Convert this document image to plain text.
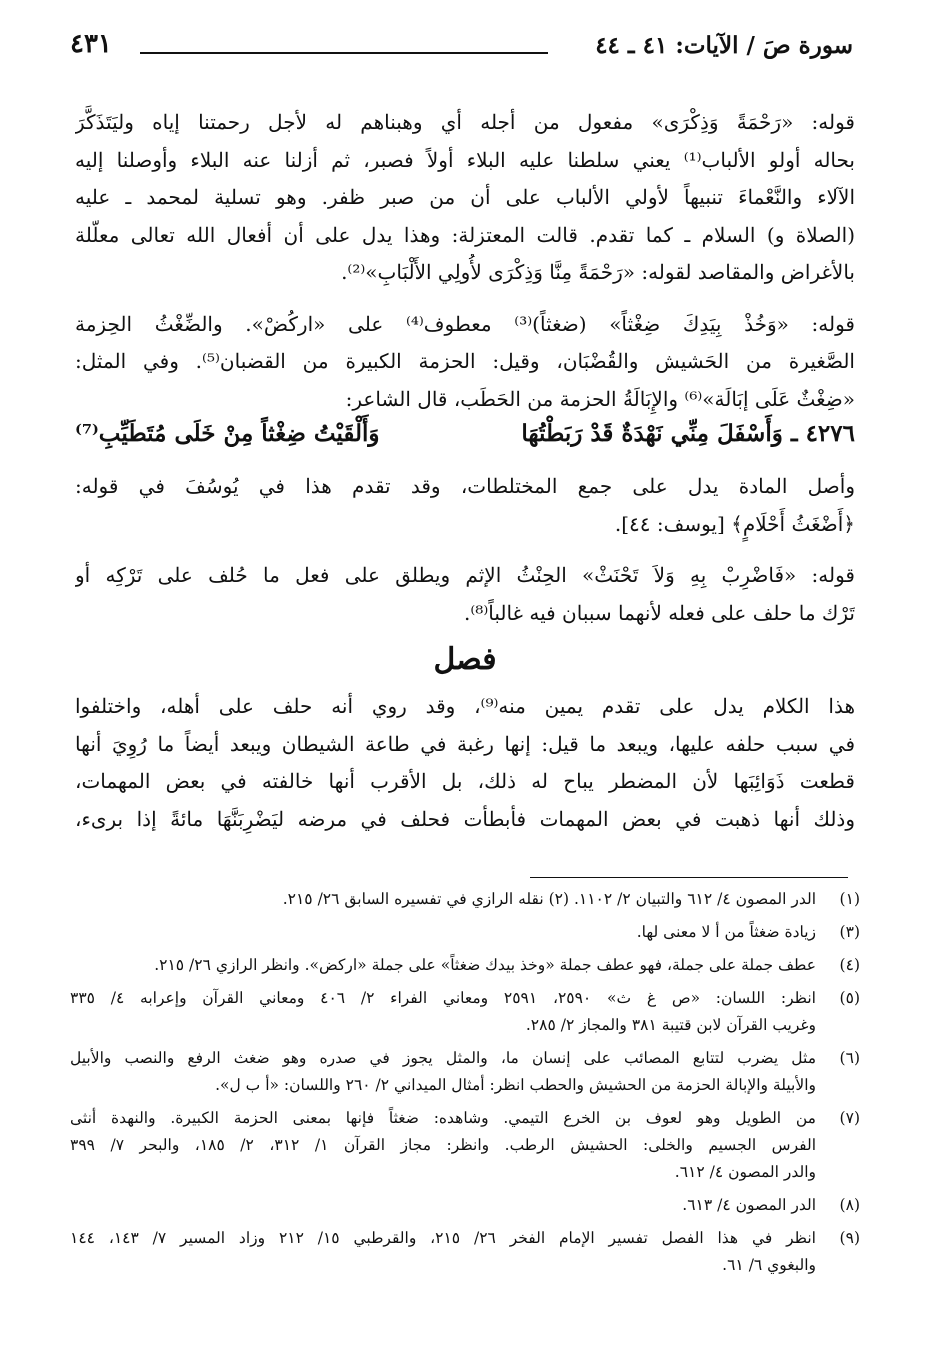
سورة صَ / الآيات: ٤١ ـ ٤٤
٤٣١
قوله: «رَحْمَةً وَذِكْرَى» مفعول من أجله أي وهبناهم له لأجل رحمتنا إياه وليَتَذَكَّرَ
بحاله أولو الألباب⁽¹⁾ يعني سلطنا عليه البلاء أولاً فصبر، ثم أزلنا عنه البلاء وأوصلنا إليه
الآلاء والنَّعْماءَ تنبيهاً لأولي الألباب على أن من صبر ظفر. وهو تسلية لمحمد ـ عليه
(الصلاة و) السلام ـ كما تقدم. قالت المعتزلة: وهذا يدل على أن أفعال الله تعالى معلّلة
بالأغراض والمقاصد لقوله: «رَحْمَةً مِنَّا وَذِكْرَى لأُولِي الأَلْبَابِ»⁽²⁾.
قوله: «وَخُذْ بِيَدِكَ ضِغْثاً» (ضغثاً)⁽³⁾ معطوف⁽⁴⁾ على «اركُضْ». والضِّغْثُ الحِزمة
الصَّغيرة من الحَشيش والقُضْبَان، وقيل: الحزمة الكبيرة من القضبان⁽⁵⁾. وفي المثل:
«ضِغْثٌ عَلَى إبَالَة»⁽⁶⁾ والإِبَالَةُ الحزمة من الحَطَب، قال الشاعر:
٤٢٧٦ ـ وَأَسْفَلَ مِنِّي نَهْدَةٌ قَدْ رَبَطْتُهَا
وَأَلْقَيْتُ ضِغْثاً مِنْ خَلَى مُتَطَيِّبِ⁽⁷⁾
وأصل المادة يدل على جمع المختلطات، وقد تقدم هذا في يُوسُفَ في قوله:
﴿أَضْغَثُ أَحْلَامٍ﴾ [يوسف: ٤٤].
قوله: «فَاضْرِبْ بِهِ وَلاَ تَحْنَثْ» الحِنْثُ الإثم ويطلق على فعل ما حُلف على تَرْكِه أو
تَرْك ما حلف على فعله لأنهما سببان فيه غالباً⁽⁸⁾.
فصل
هذا الكلام يدل على تقدم يمين منه⁽⁹⁾، وقد روي أنه حلف على أهله، واختلفوا
في سبب حلفه عليها، ويبعد ما قيل: إنها رغبة في طاعة الشيطان ويبعد أيضاً ما رُوِيَ أنها
قطعت ذَوَائِبَها لأن المضطر يباح له ذلك، بل الأقرب أنها خالفته في بعض المهمات،
وذلك أنها ذهبت في بعض المهمات فأبطأت فحلف في مرضه ليَضْرِبَنَّهَا مائةً إذا برىء،
(١)
الدر المصون ٤/ ٦١٢ والتبيان ٢/ ١١٠٢. (٢) نقله الرازي في تفسيره السابق ٢٦/ ٢١٥.
(٣)
زيادة ضغثاً من أ لا معنى لها.
(٤)
عطف جملة على جملة، فهو عطف جملة «وخذ بيدك ضغثاً» على جملة «اركض». وانظر الرازي ٢٦/ ٢١٥.
(٥)
انظر: اللسان: «ص غ ث» ٢٥٩٠، ٢٥٩١ ومعاني الفراء ٢/ ٤٠٦ ومعاني القرآن وإعرابه ٤/ ٣٣٥
وغريب القرآن لابن قتيبة ٣٨١ والمجاز ٢/ ٢٨٥.
(٦)
مثل يضرب لتتابع المصائب على إنسان ما، والمثل يجوز في صدره وهو ضغث الرفع والنصب والأبيل
والأبيلة والإبالة الحزمة من الحشيش والحطب انظر: أمثال الميداني ٢/ ٢٦٠ واللسان: «أ ب ل».
(٧)
من الطويل وهو لعوف بن الخرع التيمي. وشاهده: ضغثاً فإنها بمعنى الحزمة الكبيرة. والنهدة أنثى
الفرس الجسيم والخلى: الحشيش الرطب. وانظر: مجاز القرآن ١/ ٣١٢، ٢/ ١٨٥، والبحر ٧/ ٣٩٩
والدر المصون ٤/ ٦١٢.
(٨)
الدر المصون ٤/ ٦١٣.
(٩)
انظر في هذا الفصل تفسير الإمام الفخر ٢٦/ ٢١٥، والقرطبي ١٥/ ٢١٢ وزاد المسير ٧/ ١٤٣، ١٤٤
والبغوي ٦/ ٦١.
